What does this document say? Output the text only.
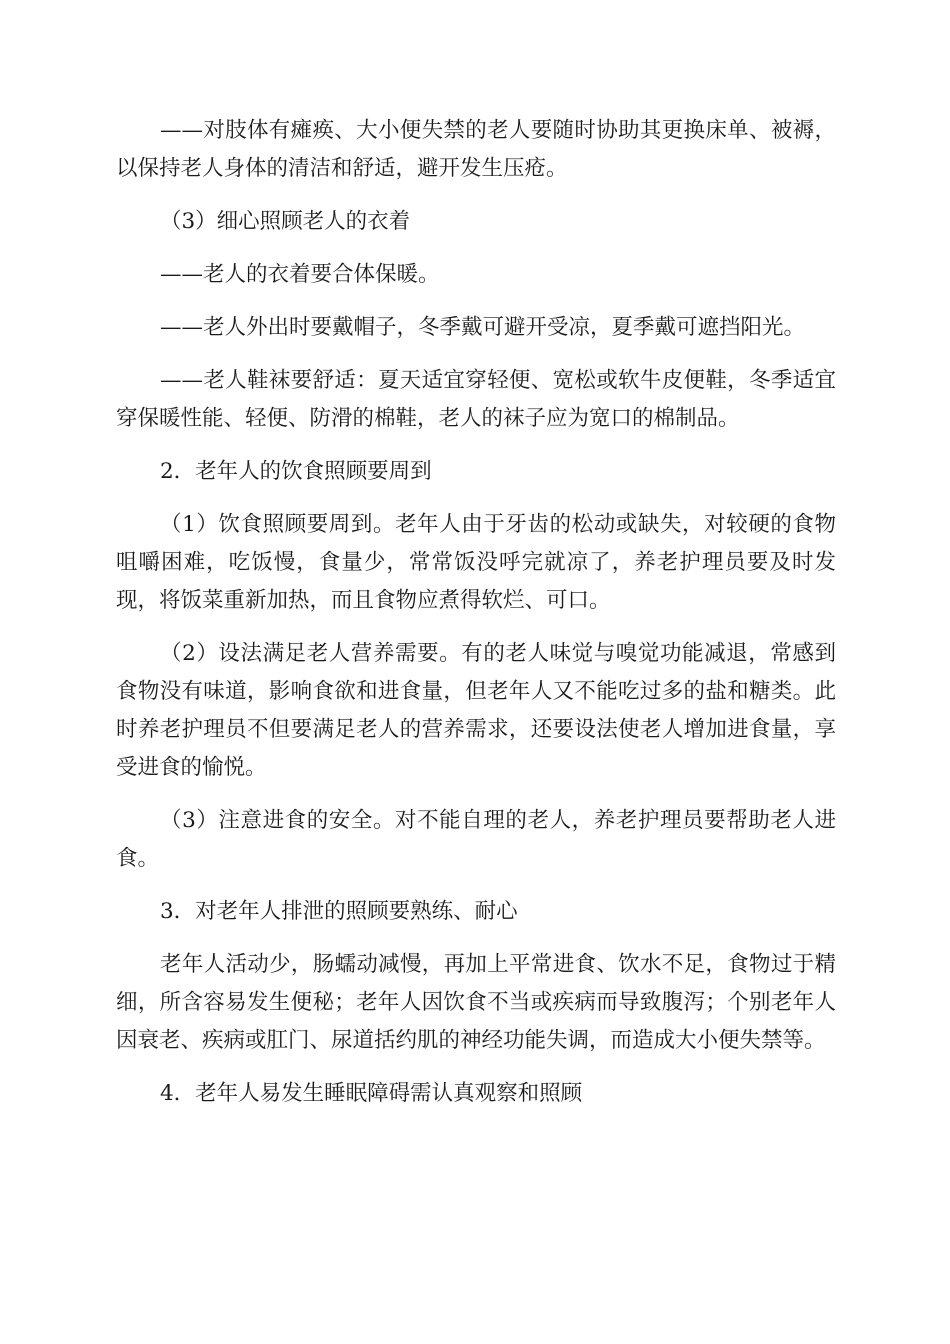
——对肢体有瘫痪、大小便失禁的老人要随时协助其更换床单、被褥，以保持老人身体的清洁和舒适，避开发生压疮。

（3）细心照顾老人的衣着

——老人的衣着要合体保暖。

——老人外出时要戴帽子，冬季戴可避开受凉，夏季戴可遮挡阳光。

——老人鞋袜要舒适：夏天适宜穿轻便、宽松或软牛皮便鞋，冬季适宜穿保暖性能、轻便、防滑的棉鞋，老人的袜子应为宽口的棉制品。

2．老年人的饮食照顾要周到

（1）饮食照顾要周到。老年人由于牙齿的松动或缺失，对较硬的食物咀嚼困难，吃饭慢，食量少，常常饭没呼完就凉了，养老护理员要及时发现，将饭菜重新加热，而且食物应煮得软烂、可口。

（2）设法满足老人营养需要。有的老人味觉与嗅觉功能减退，常感到食物没有味道，影响食欲和进食量，但老年人又不能吃过多的盐和糖类。此时养老护理员不但要满足老人的营养需求，还要设法使老人增加进食量，享受进食的愉悦。

（3）注意进食的安全。对不能自理的老人，养老护理员要帮助老人进食。

3．对老年人排泄的照顾要熟练、耐心

老年人活动少，肠蠕动减慢，再加上平常进食、饮水不足，食物过于精细，所含容易发生便秘；老年人因饮食不当或疾病而导致腹泻；个别老年人因衰老、疾病或肛门、尿道括约肌的神经功能失调，而造成大小便失禁等。

4．老年人易发生睡眠障碍需认真观察和照顾
